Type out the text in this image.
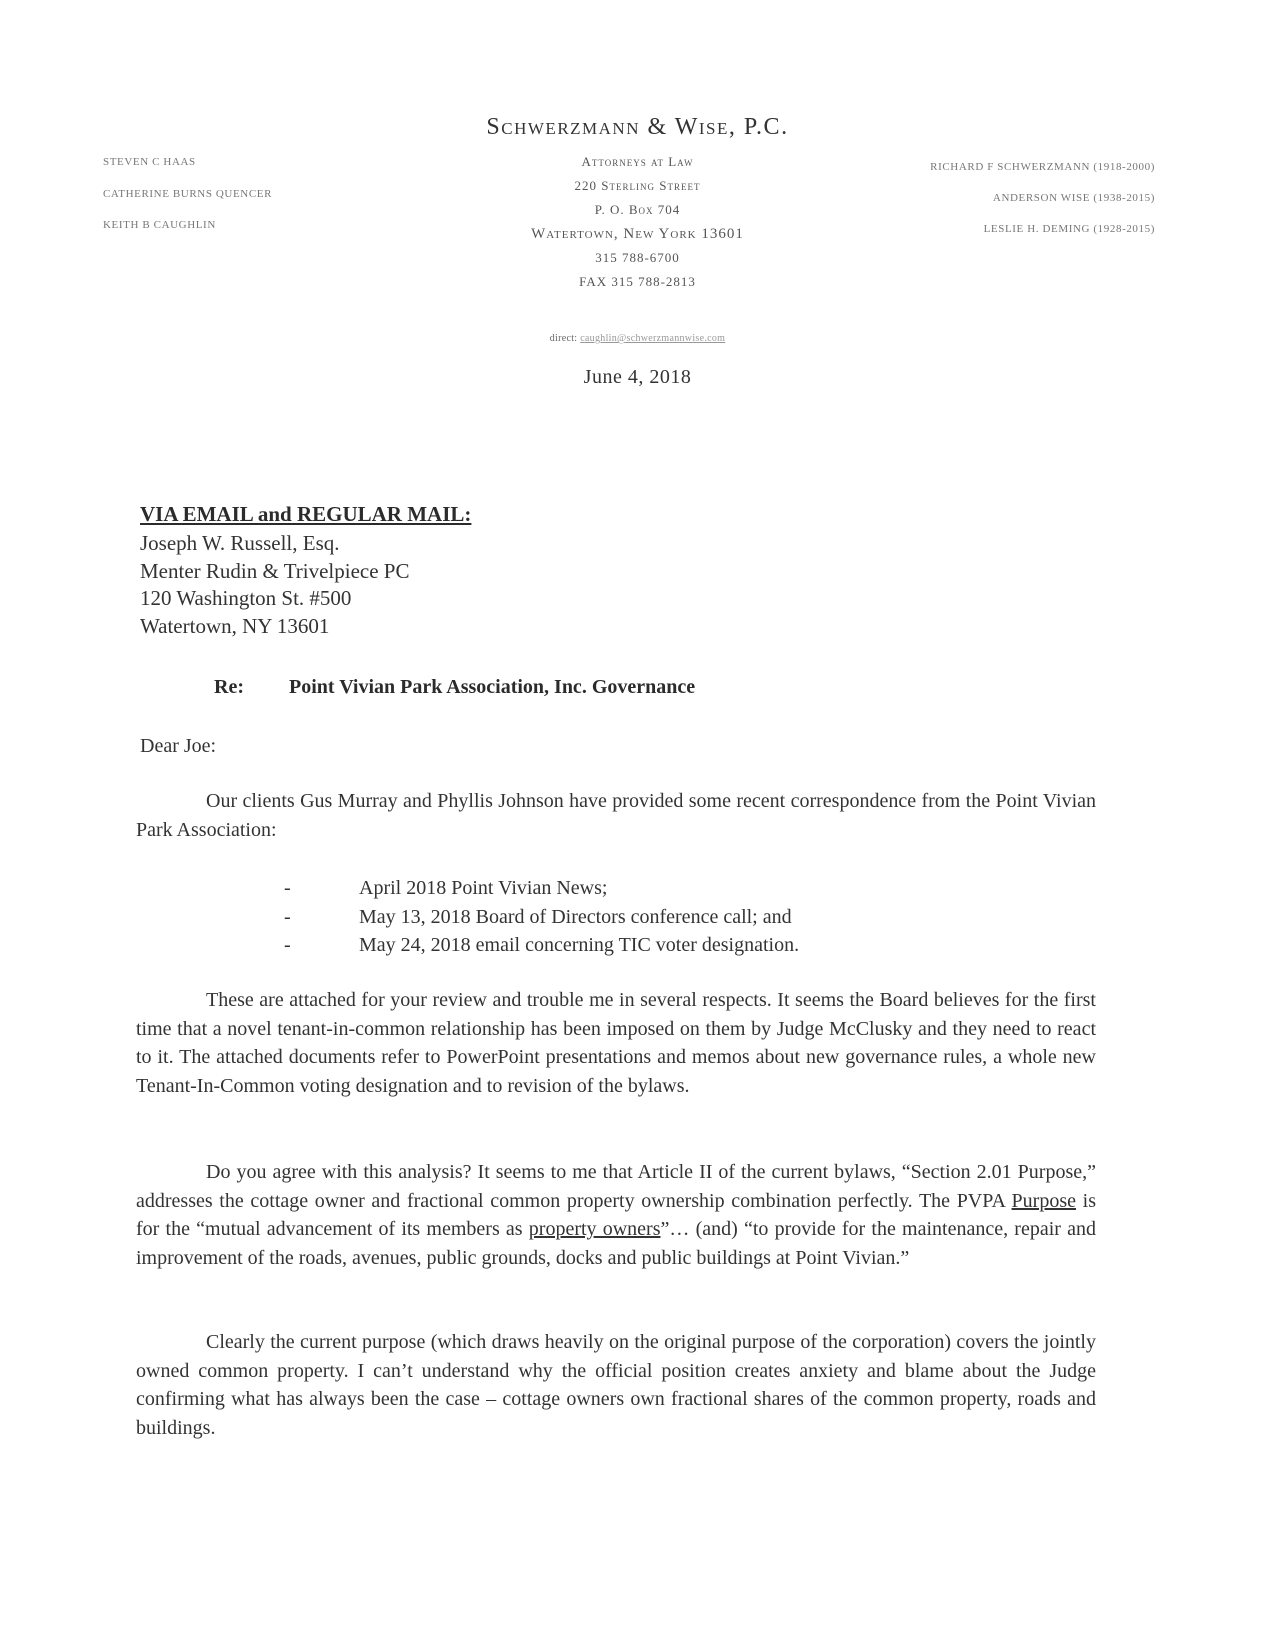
Schwerzmann & Wise, P.C.
Attorneys at Law
220 Sterling Street
P. O. Box 704
Watertown, New York 13601
315 788-6700
FAX 315 788-2813
STEVEN C HAAS
CATHERINE BURNS QUENCER
KEITH B CAUGHLIN
RICHARD F SCHWERZMANN (1918-2000)
ANDERSON WISE (1938-2015)
LESLIE H. DEMING (1928-2015)
direct: caughlin@schwerzmannwise.com
June 4, 2018
VIA EMAIL and REGULAR MAIL:
Joseph W. Russell, Esq.
Menter Rudin & Trivelpiece PC
120 Washington St. #500
Watertown, NY 13601
Re: Point Vivian Park Association, Inc. Governance
Dear Joe:
Our clients Gus Murray and Phyllis Johnson have provided some recent correspondence from the Point Vivian Park Association:
-	April 2018 Point Vivian News;
-	May 13, 2018 Board of Directors conference call; and
-	May 24, 2018 email concerning TIC voter designation.
These are attached for your review and trouble me in several respects. It seems the Board believes for the first time that a novel tenant-in-common relationship has been imposed on them by Judge McClusky and they need to react to it. The attached documents refer to PowerPoint presentations and memos about new governance rules, a whole new Tenant-In-Common voting designation and to revision of the bylaws.
Do you agree with this analysis? It seems to me that Article II of the current bylaws, “Section 2.01 Purpose,” addresses the cottage owner and fractional common property ownership combination perfectly. The PVPA Purpose is for the “mutual advancement of its members as property owners”… (and) “to provide for the maintenance, repair and improvement of the roads, avenues, public grounds, docks and public buildings at Point Vivian.”
Clearly the current purpose (which draws heavily on the original purpose of the corporation) covers the jointly owned common property. I can’t understand why the official position creates anxiety and blame about the Judge confirming what has always been the case – cottage owners own fractional shares of the common property, roads and buildings.
